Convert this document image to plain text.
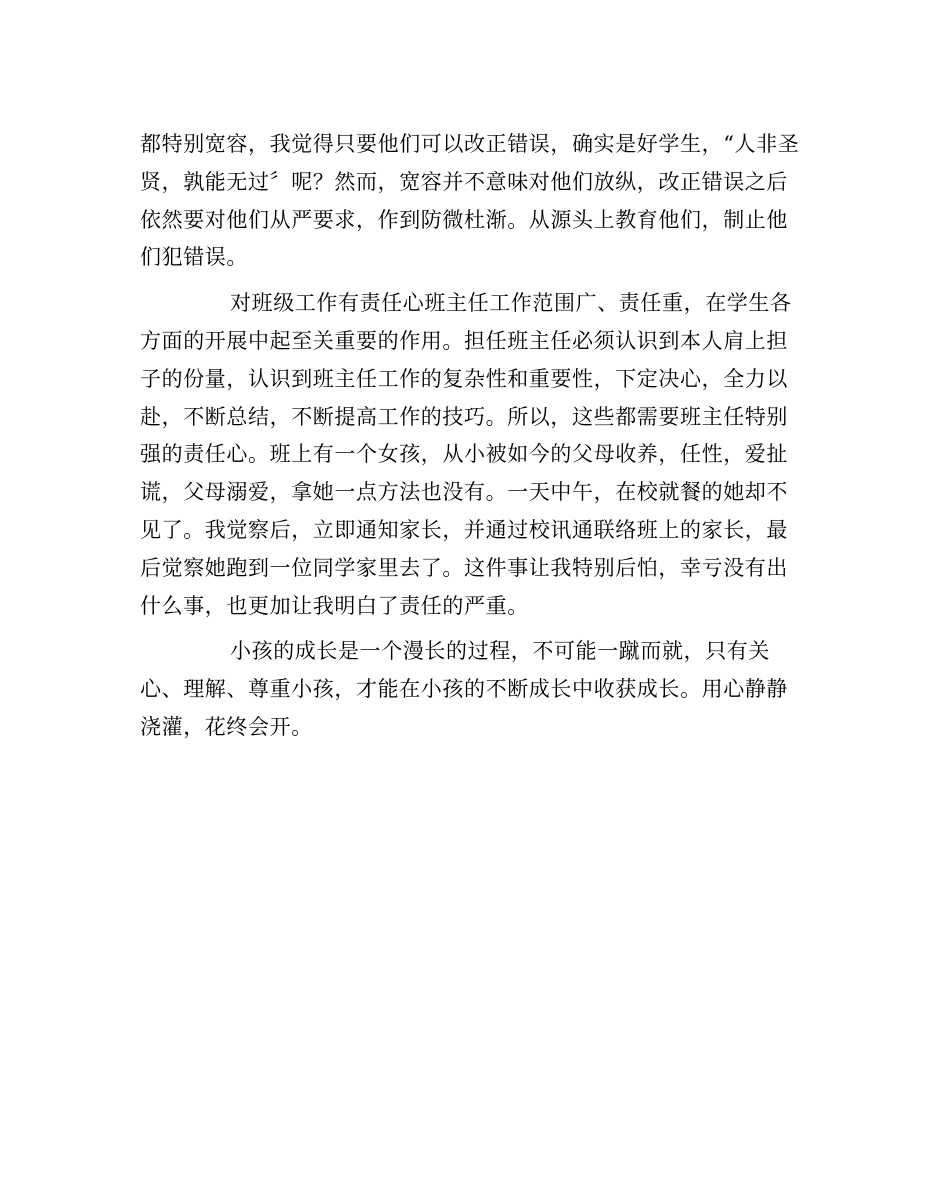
都特别宽容，我觉得只要他们可以改正错误，确实是好学生，“人非圣
贤，孰能无过〞呢？然而，宽容并不意味对他们放纵，改正错误之后
依然要对他们从严要求，作到防微杜渐。从源头上教育他们，制止他
们犯错误。

对班级工作有责任心班主任工作范围广、责任重，在学生各
方面的开展中起至关重要的作用。担任班主任必须认识到本人肩上担
子的份量，认识到班主任工作的复杂性和重要性，下定决心，全力以
赴，不断总结，不断提高工作的技巧。所以，这些都需要班主任特别
强的责任心。班上有一个女孩，从小被如今的父母收养，任性，爱扯
谎，父母溺爱，拿她一点方法也没有。一天中午，在校就餐的她却不
见了。我觉察后，立即通知家长，并通过校讯通联络班上的家长，最
后觉察她跑到一位同学家里去了。这件事让我特别后怕，幸亏没有出
什么事，也更加让我明白了责任的严重。

小孩的成长是一个漫长的过程，不可能一蹴而就，只有关
心、理解、尊重小孩，才能在小孩的不断成长中收获成长。用心静静
浇灌，花终会开。
